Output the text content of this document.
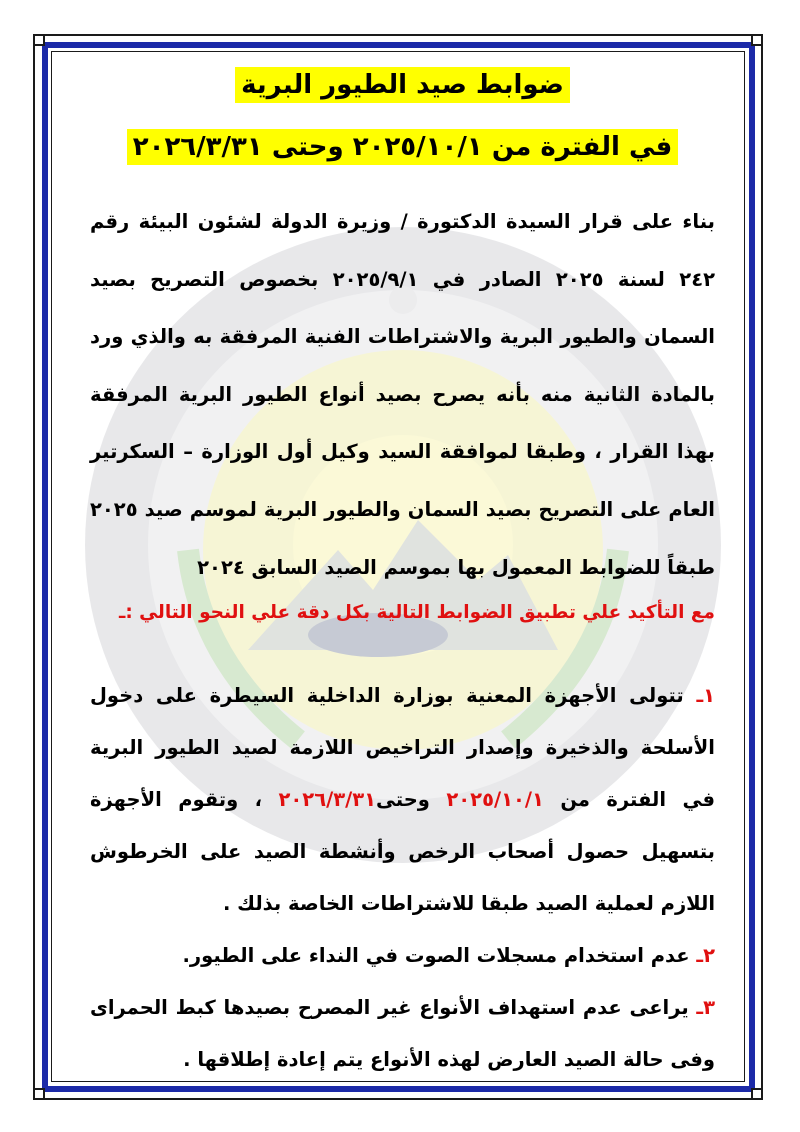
ضوابط صيد الطيور البرية
في الفترة من ٢٠٢٥/١٠/١ وحتى ٢٠٢٦/٣/٣١

بناء على قرار السيدة الدكتورة / وزيرة الدولة لشئون البيئة رقم ٢٤٢ لسنة ٢٠٢٥ الصادر في ٢٠٢٥/٩/١ بخصوص التصريح بصيد السمان والطيور البرية والاشتراطات الفنية المرفقة به والذي ورد بالمادة الثانية منه بأنه يصرح بصيد أنواع الطيور البرية المرفقة بهذا القرار ، وطبقا لموافقة السيد وكيل أول الوزارة – السكرتير العام على التصريح بصيد السمان والطيور البرية لموسم صيد ٢٠٢٥ طبقاً للضوابط المعمول بها بموسم الصيد السابق ٢٠٢٤

مع التأكيد علي تطبيق الضوابط التالية بكل دقة علي النحو التالي :ـ

١ـ تتولى الأجهزة المعنية بوزارة الداخلية السيطرة على دخول الأسلحة والذخيرة وإصدار التراخيص اللازمة لصيد الطيور البرية في الفترة من ٢٠٢٥/١٠/١ وحتى٢٠٢٦/٣/٣١ ، وتقوم الأجهزة بتسهيل حصول أصحاب الرخص وأنشطة الصيد على الخرطوش اللازم لعملية الصيد طبقا للاشتراطات الخاصة بذلك .

٢ـ عدم استخدام مسجلات الصوت في النداء على الطيور.

٣ـ يراعى عدم استهداف الأنواع غير المصرح بصيدها كبط الحمراى وفى حالة الصيد العارض لهذه الأنواع يتم إعادة إطلاقها .
